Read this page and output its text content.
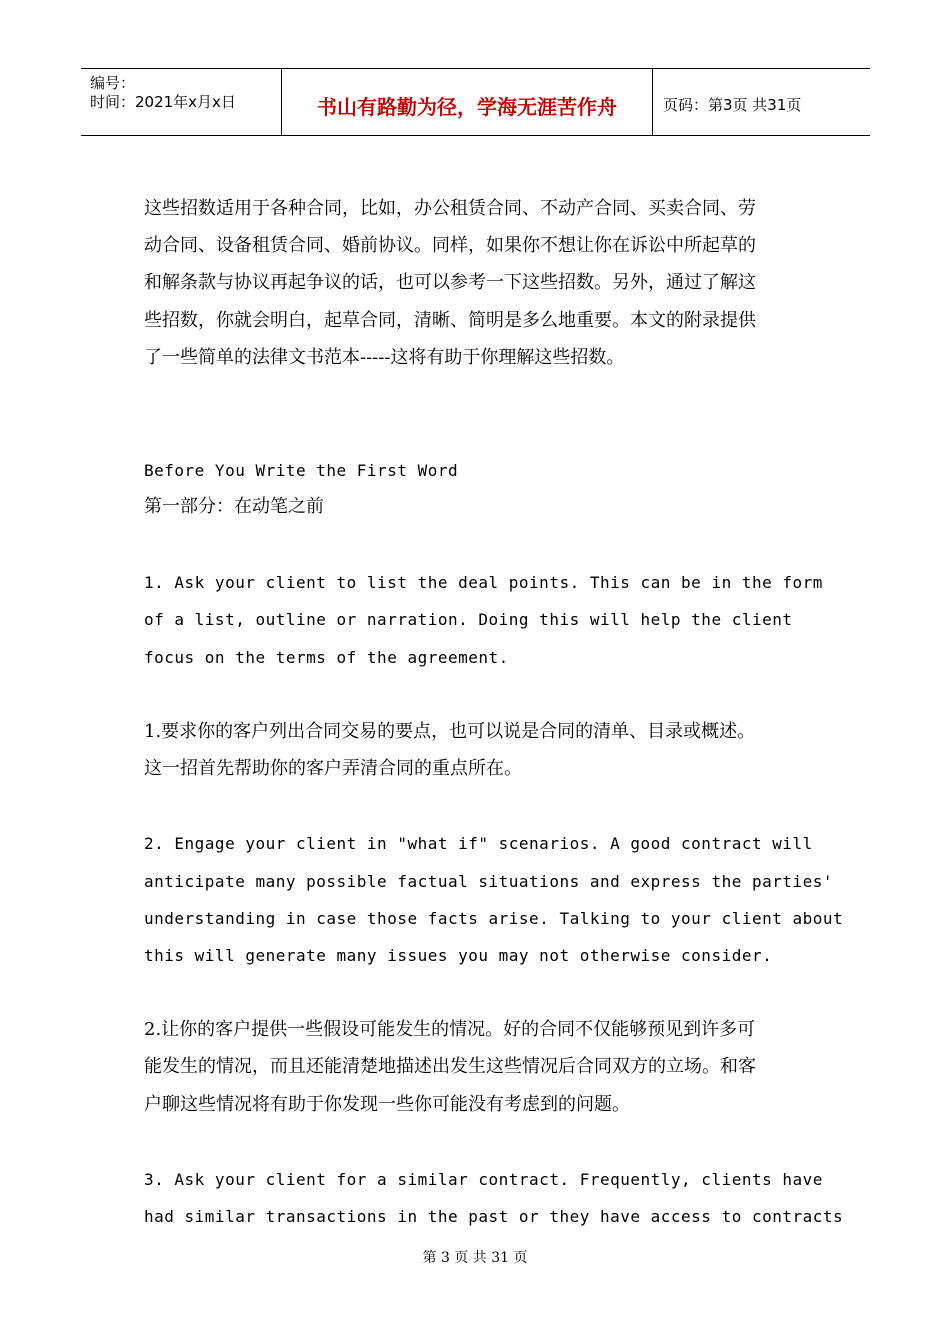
编号：
时间：2021年x月x日	书山有路勤为径，学海无涯苦作舟	页码：第3页 共31页
这些招数适用于各种合同，比如，办公租赁合同、不动产合同、买卖合同、劳
动合同、设备租赁合同、婚前协议。同样，如果你不想让你在诉讼中所起草的
和解条款与协议再起争议的话，也可以参考一下这些招数。另外，通过了解这
些招数，你就会明白，起草合同，清晰、简明是多么地重要。本文的附录提供
了一些简单的法律文书范本-----这将有助于你理解这些招数。
Before You Write the First Word
第一部分：在动笔之前
1. Ask your client to list the deal points. This can be in the form
of a list, outline or narration. Doing this will help the client
focus on the terms of the agreement.
1.要求你的客户列出合同交易的要点，也可以说是合同的清单、目录或概述。
这一招首先帮助你的客户弄清合同的重点所在。
2. Engage your client in "what if" scenarios. A good contract will
anticipate many possible factual situations and express the parties'
understanding in case those facts arise. Talking to your client about
this will generate many issues you may not otherwise consider.
2.让你的客户提供一些假设可能发生的情况。好的合同不仅能够预见到许多可
能发生的情况，而且还能清楚地描述出发生这些情况后合同双方的立场。和客
户聊这些情况将有助于你发现一些你可能没有考虑到的问题。
3. Ask your client for a similar contract. Frequently, clients have
had similar transactions in the past or they have access to contracts
第 3 页 共 31 页
